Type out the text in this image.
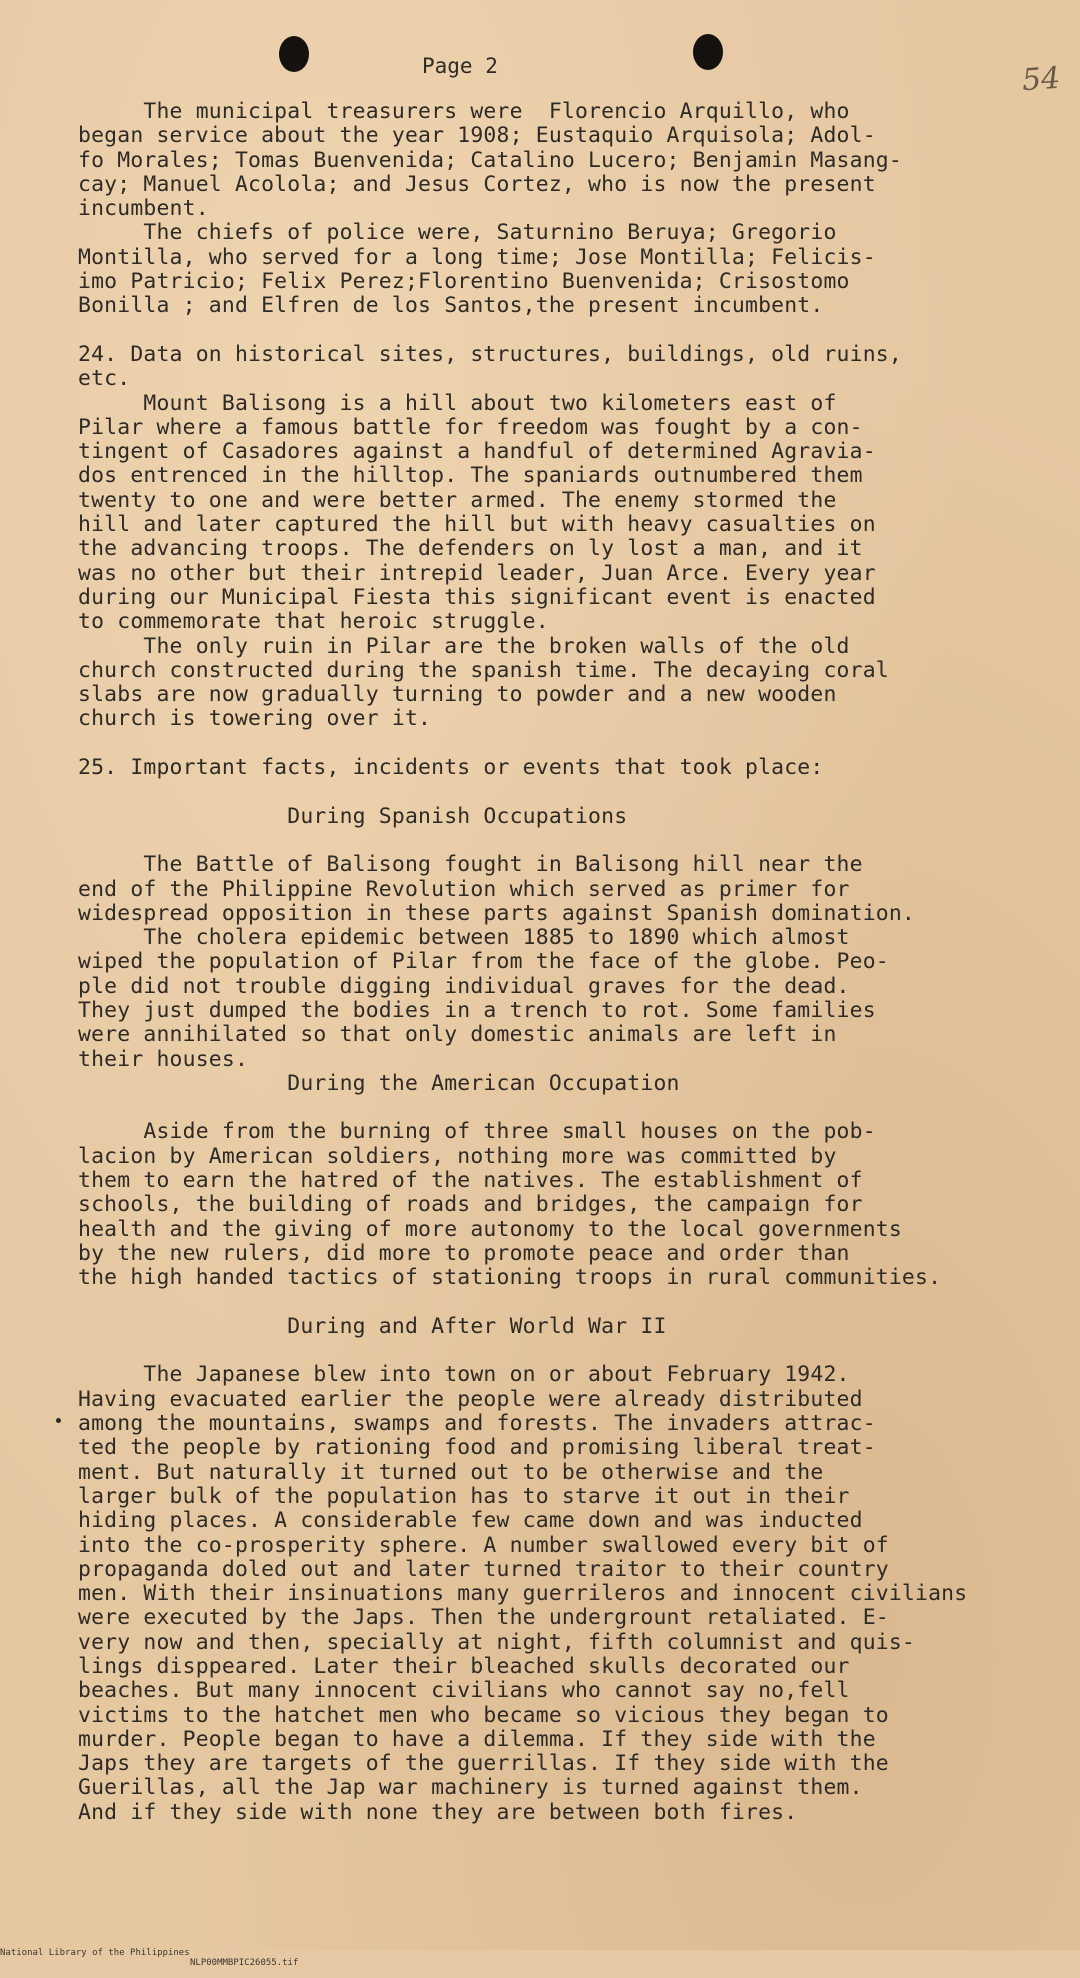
Page 2	54
The municipal treasurers were  Florencio Arquillo, who
began service about the year 1908; Eustaquio Arquisola; Adol-
fo Morales; Tomas Buenvenida; Catalino Lucero; Benjamin Masang-
cay; Manuel Acolola; and Jesus Cortez, who is now the present
incumbent.
The chiefs of police were, Saturnino Beruya; Gregorio
Montilla, who served for a long time; Jose Montilla; Felicis-
imo Patricio; Felix Perez;Florentino Buenvenida; Crisostomo
Bonilla ; and Elfren de los Santos,the present incumbent.
24. Data on historical sites, structures, buildings, old ruins,
etc.
Mount Balisong is a hill about two kilometers east of
Pilar where a famous battle for freedom was fought by a con-
tingent of Casadores against a handful of determined Agravia-
dos entrenced in the hilltop. The spaniards outnumbered them
twenty to one and were better armed. The enemy stormed the
hill and later captured the hill but with heavy casualties on
the advancing troops. The defenders on ly lost a man, and it
was no other but their intrepid leader, Juan Arce. Every year
during our Municipal Fiesta this significant event is enacted
to commemorate that heroic struggle.
The only ruin in Pilar are the broken walls of the old
church constructed during the spanish time. The decaying coral
slabs are now gradually turning to powder and a new wooden
church is towering over it.
25. Important facts, incidents or events that took place:
During Spanish Occupations
The Battle of Balisong fought in Balisong hill near the
end of the Philippine Revolution which served as primer for
widespread opposition in these parts against Spanish domination.
The cholera epidemic between 1885 to 1890 which almost
wiped the population of Pilar from the face of the globe. Peo-
ple did not trouble digging individual graves for the dead.
They just dumped the bodies in a trench to rot. Some families
were annihilated so that only domestic animals are left in
their houses.
During the American Occupation
Aside from the burning of three small houses on the pob-
lacion by American soldiers, nothing more was committed by
them to earn the hatred of the natives. The establishment of
schools, the building of roads and bridges, the campaign for
health and the giving of more autonomy to the local governments
by the new rulers, did more to promote peace and order than
the high handed tactics of stationing troops in rural communities.
During and After World War II
The Japanese blew into town on or about February 1942.
Having evacuated earlier the people were already distributed
among the mountains, swamps and forests. The invaders attrac-
ted the people by rationing food and promising liberal treat-
ment. But naturally it turned out to be otherwise and the
larger bulk of the population has to starve it out in their
hiding places. A considerable few came down and was inducted
into the co-prosperity sphere. A number swallowed every bit of
propaganda doled out and later turned traitor to their country
men. With their insinuations many guerrileros and innocent civilians
were executed by the Japs. Then the undergrount retaliated. E-
very now and then, specially at night, fifth columnist and quis-
lings disppeared. Later their bleached skulls decorated our
beaches. But many innocent civilians who cannot say no,fell
victims to the hatchet men who became so vicious they began to
murder. People began to have a dilemma. If they side with the
Japs they are targets of the guerrillas. If they side with the
Guerillas, all the Jap war machinery is turned against them.
And if they side with none they are between both fires.

National Library of the Philippines

NLP00MMBPIC26055.tif
